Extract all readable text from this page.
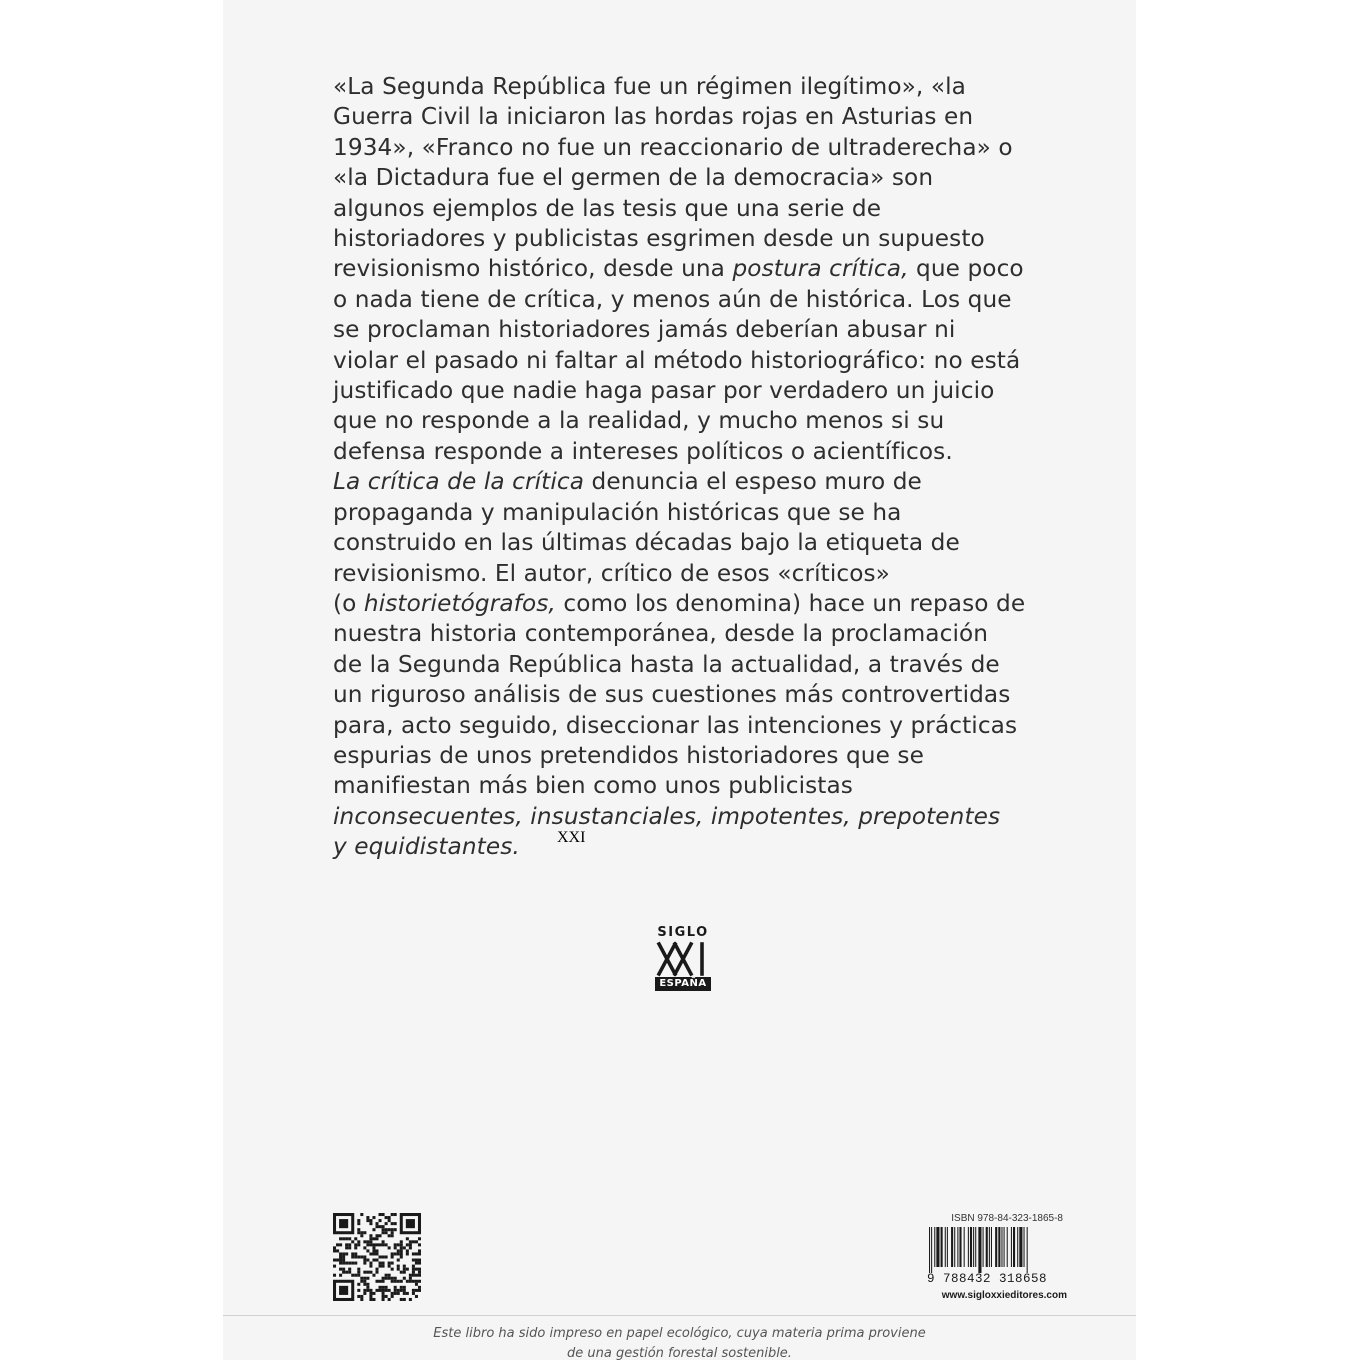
«La Segunda República fue un régimen ilegítimo», «la
Guerra Civil la iniciaron las hordas rojas en Asturias en
1934», «Franco no fue un reaccionario de ultraderecha» o
«la Dictadura fue el germen de la democracia» son
algunos ejemplos de las tesis que una serie de
historiadores y publicistas esgrimen desde un supuesto
revisionismo histórico, desde una postura crítica, que poco
o nada tiene de crítica, y menos aún de histórica. Los que
se proclaman historiadores jamás deberían abusar ni
violar el pasado ni faltar al método historiográfico: no está
justificado que nadie haga pasar por verdadero un juicio
que no responde a la realidad, y mucho menos si su
defensa responde a intereses políticos o acientíficos.
La crítica de la crítica denuncia el espeso muro de
propaganda y manipulación históricas que se ha
construido en las últimas décadas bajo la etiqueta de
revisionismo. El autor, crítico de esos «críticos»
(o historietógrafos, como los denomina) hace un repaso de
nuestra historia contemporánea, desde la proclamación
de la Segunda República hasta la actualidad, a través de
un riguroso análisis de sus cuestiones más controvertidas
para, acto seguido, diseccionar las intenciones y prácticas
espurias de unos pretendidos historiadores que se
manifiestan más bien como unos publicistas
inconsecuentes, insustanciales, impotentes, prepotentes
y equidistantes.
SIGLO
XXI
ESPAÑA
ISBN 978-84-323-1865-8
9 788432 318658
www.sigloxxieditores.com
Este libro ha sido impreso en papel ecológico, cuya materia prima proviene
de una gestión forestal sostenible.
